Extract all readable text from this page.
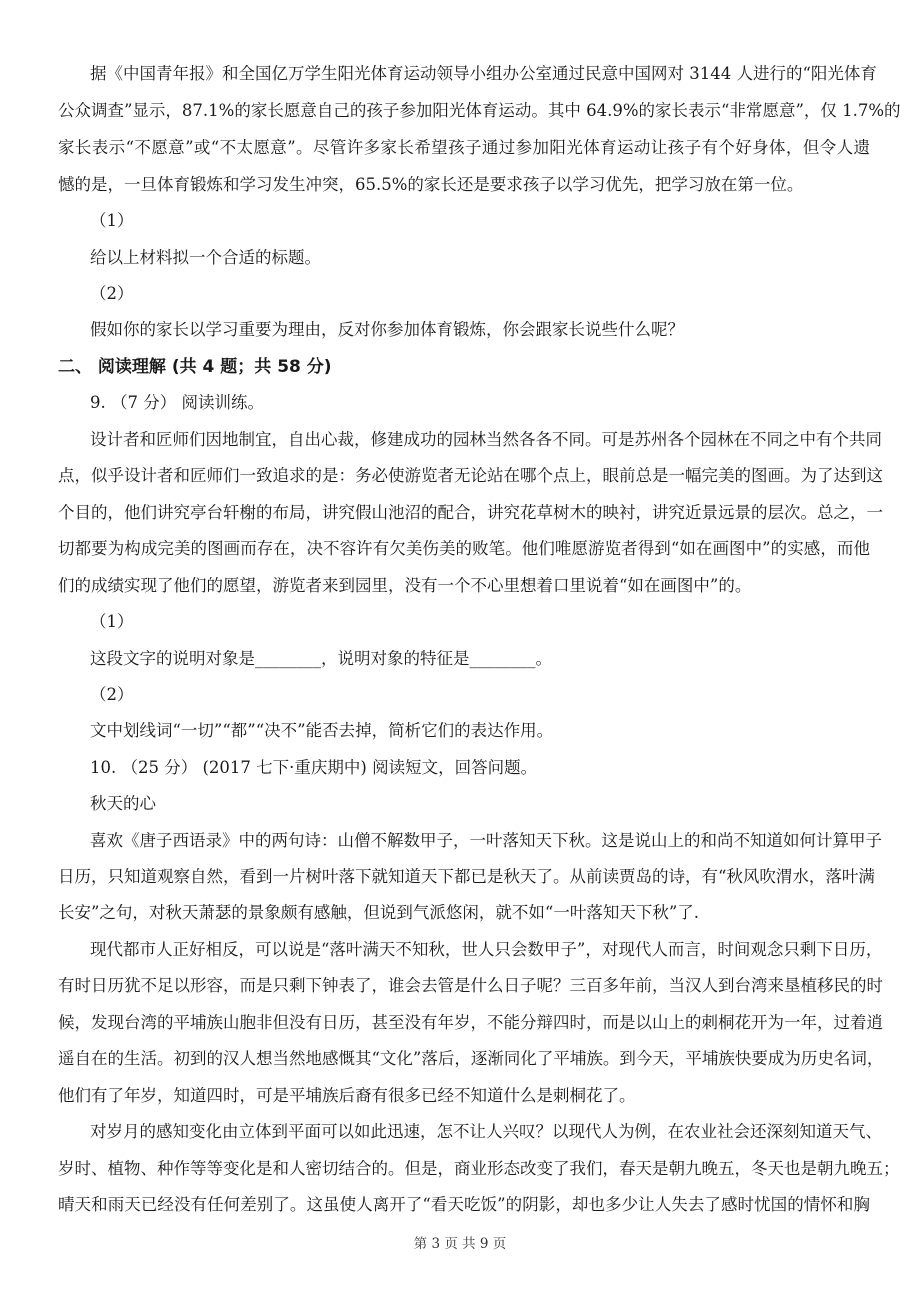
据《中国青年报》和全国亿万学生阳光体育运动领导小组办公室通过民意中国网对 3144 人进行的“阳光体育
公众调查”显示，87.1%的家长愿意自己的孩子参加阳光体育运动。其中 64.9%的家长表示“非常愿意”，仅 1.7%的
家长表示“不愿意”或“不太愿意”。尽管许多家长希望孩子通过参加阳光体育运动让孩子有个好身体，但令人遗
憾的是，一旦体育锻炼和学习发生冲突，65.5%的家长还是要求孩子以学习优先，把学习放在第一位。
（1）
给以上材料拟一个合适的标题。
（2）
假如你的家长以学习重要为理由，反对你参加体育锻炼，你会跟家长说些什么呢？
二、 阅读理解 (共 4 题；共 58 分)
9. （7 分） 阅读训练。
设计者和匠师们因地制宜，自出心裁，修建成功的园林当然各各不同。可是苏州各个园林在不同之中有个共同
点，似乎设计者和匠师们一致追求的是：务必使游览者无论站在哪个点上，眼前总是一幅完美的图画。为了达到这
个目的，他们讲究亭台轩榭的布局，讲究假山池沼的配合，讲究花草树木的映衬，讲究近景远景的层次。总之，一
切都要为构成完美的图画而存在，决不容许有欠美伤美的败笔。他们唯愿游览者得到“如在画图中”的实感，而他
们的成绩实现了他们的愿望，游览者来到园里，没有一个不心里想着口里说着“如在画图中”的。
（1）
这段文字的说明对象是________，说明对象的特征是________。
（2）
文中划线词“一切”“都”“决不”能否去掉，简析它们的表达作用。
10. （25 分） (2017 七下·重庆期中) 阅读短文，回答问题。
秋天的心
喜欢《唐子西语录》中的两句诗：山僧不解数甲子，一叶落知天下秋。这是说山上的和尚不知道如何计算甲子
日历，只知道观察自然，看到一片树叶落下就知道天下都已是秋天了。从前读贾岛的诗，有“秋风吹渭水，落叶满
长安”之句，对秋天萧瑟的景象颇有感触，但说到气派悠闲，就不如“一叶落知天下秋”了.
现代都市人正好相反，可以说是“落叶满天不知秋，世人只会数甲子”，对现代人而言，时间观念只剩下日历，
有时日历犹不足以形容，而是只剩下钟表了，谁会去管是什么日子呢？三百多年前，当汉人到台湾来垦植移民的时
候，发现台湾的平埔族山胞非但没有日历，甚至没有年岁，不能分辩四时，而是以山上的刺桐花开为一年，过着逍
遥自在的生活。初到的汉人想当然地感慨其“文化”落后，逐渐同化了平埔族。到今天，平埔族快要成为历史名词，
他们有了年岁，知道四时，可是平埔族后裔有很多已经不知道什么是刺桐花了。
对岁月的感知变化由立体到平面可以如此迅速，怎不让人兴叹？以现代人为例，在农业社会还深刻知道天气、
岁时、植物、种作等等变化是和人密切结合的。但是，商业形态改变了我们，春天是朝九晚五，冬天也是朝九晚五；
晴天和雨天已经没有任何差别了。这虽使人离开了“看天吃饭”的阴影，却也多少让人失去了感时忧国的情怀和胸
第 3 页 共 9 页
